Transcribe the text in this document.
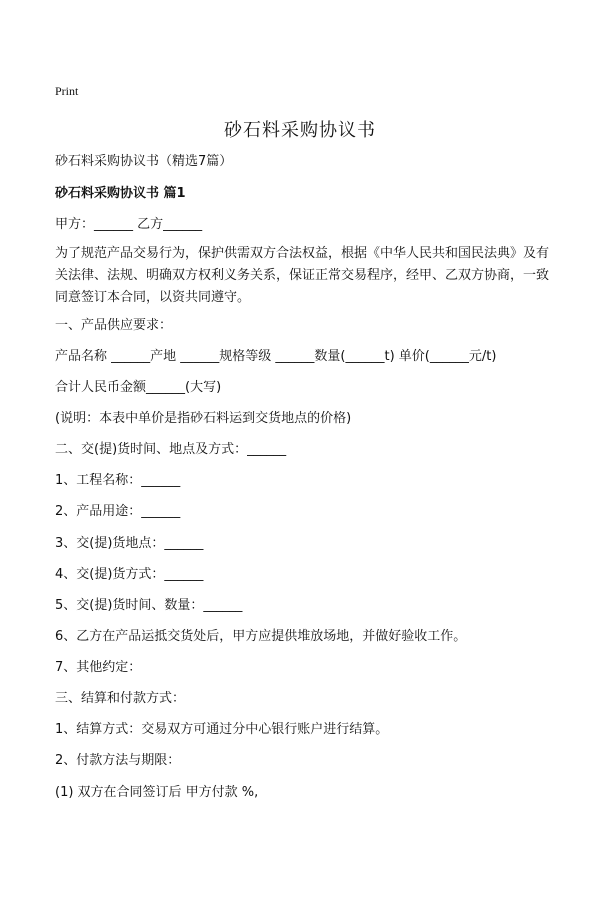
Print
砂石料采购协议书
砂石料采购协议书（精选7篇）
砂石料采购协议书 篇1
甲方：______ 乙方______
为了规范产品交易行为，保护供需双方合法权益，根据《中华人民共和国民法典》及有关法律、法规、明确双方权利义务关系，保证正常交易程序，经甲、乙双方协商，一致同意签订本合同，以资共同遵守。
一、产品供应要求：
产品名称 ______产地 ______规格等级 ______数量(______t) 单价(______元/t)
合计人民币金额______(大写)
(说明：本表中单价是指砂石料运到交货地点的价格)
二、交(提)货时间、地点及方式：______
1、工程名称：______
2、产品用途：______
3、交(提)货地点：______
4、交(提)货方式：______
5、交(提)货时间、数量：______
6、乙方在产品运抵交货处后，甲方应提供堆放场地，并做好验收工作。
7、其他约定：
三、结算和付款方式：
1、结算方式：交易双方可通过分中心银行账户进行结算。
2、付款方法与期限：
(1) 双方在合同签订后 甲方付款 %,
